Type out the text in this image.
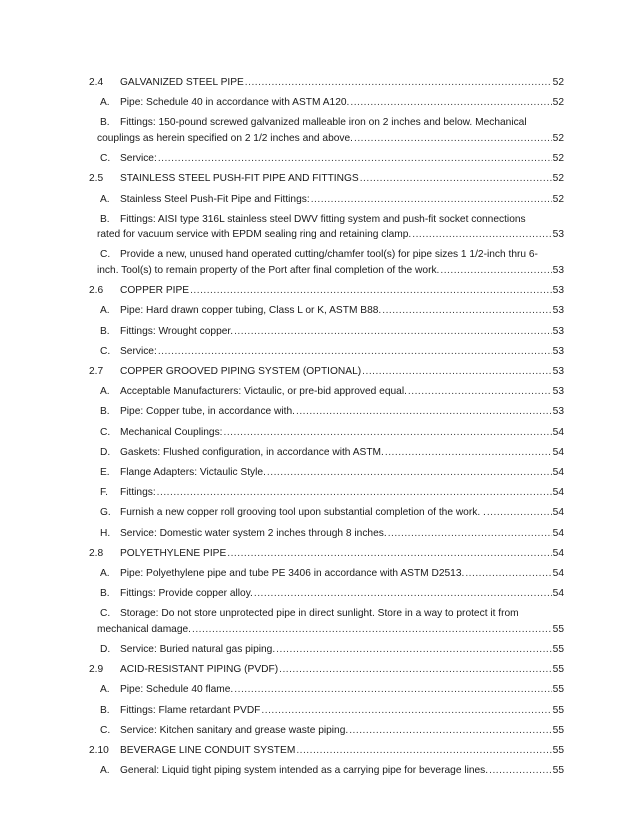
2.4 GALVANIZED STEEL PIPE .....	52
A. Pipe: Schedule 40 in accordance with ASTM A120. .....	52
B. Fittings: 150-pound screwed galvanized malleable iron on 2 inches and below. Mechanical
couplings as herein specified on 2 1/2 inches and above. .....	52
C. Service: .....	52
2.5 STAINLESS STEEL PUSH-FIT PIPE AND FITTINGS .....	52
A. Stainless Steel Push-Fit Pipe and Fittings: .....	52
B. Fittings: AISI type 316L stainless steel DWV fitting system and push-fit socket connections
rated for vacuum service with EPDM sealing ring and retaining clamp. .....	53
C. Provide a new, unused hand operated cutting/chamfer tool(s) for pipe sizes 1 1/2-inch thru 6-
inch. Tool(s) to remain property of the Port after final completion of the work. .....	53
2.6 COPPER PIPE .....	53
A. Pipe: Hard drawn copper tubing, Class L or K, ASTM B88. .....	53
B. Fittings: Wrought copper. .....	53
C. Service: .....	53
2.7 COPPER GROOVED PIPING SYSTEM (OPTIONAL) .....	53
A. Acceptable Manufacturers: Victaulic, or pre-bid approved equal. .....	53
B. Pipe: Copper tube, in accordance with. .....	53
C. Mechanical Couplings: .....	54
D. Gaskets: Flushed configuration, in accordance with ASTM. .....	54
E. Flange Adapters: Victaulic Style. .....	54
F. Fittings: .....	54
G. Furnish a new copper roll grooving tool upon substantial completion of the work. . .....	54
H. Service: Domestic water system 2 inches through 8 inches. .....	54
2.8 POLYETHYLENE PIPE .....	54
A. Pipe: Polyethylene pipe and tube PE 3406 in accordance with ASTM D2513. .....	54
B. Fittings: Provide copper alloy. .....	54
C. Storage: Do not store unprotected pipe in direct sunlight. Store in a way to protect it from
mechanical damage. .....	55
D. Service: Buried natural gas piping. .....	55
2.9 ACID-RESISTANT PIPING (PVDF) .....	55
A. Pipe: Schedule 40 flame. .....	55
B. Fittings: Flame retardant PVDF .....	55
C. Service: Kitchen sanitary and grease waste piping. .....	55
2.10 BEVERAGE LINE CONDUIT SYSTEM .....	55
A. General: Liquid tight piping system intended as a carrying pipe for beverage lines. .....	55
